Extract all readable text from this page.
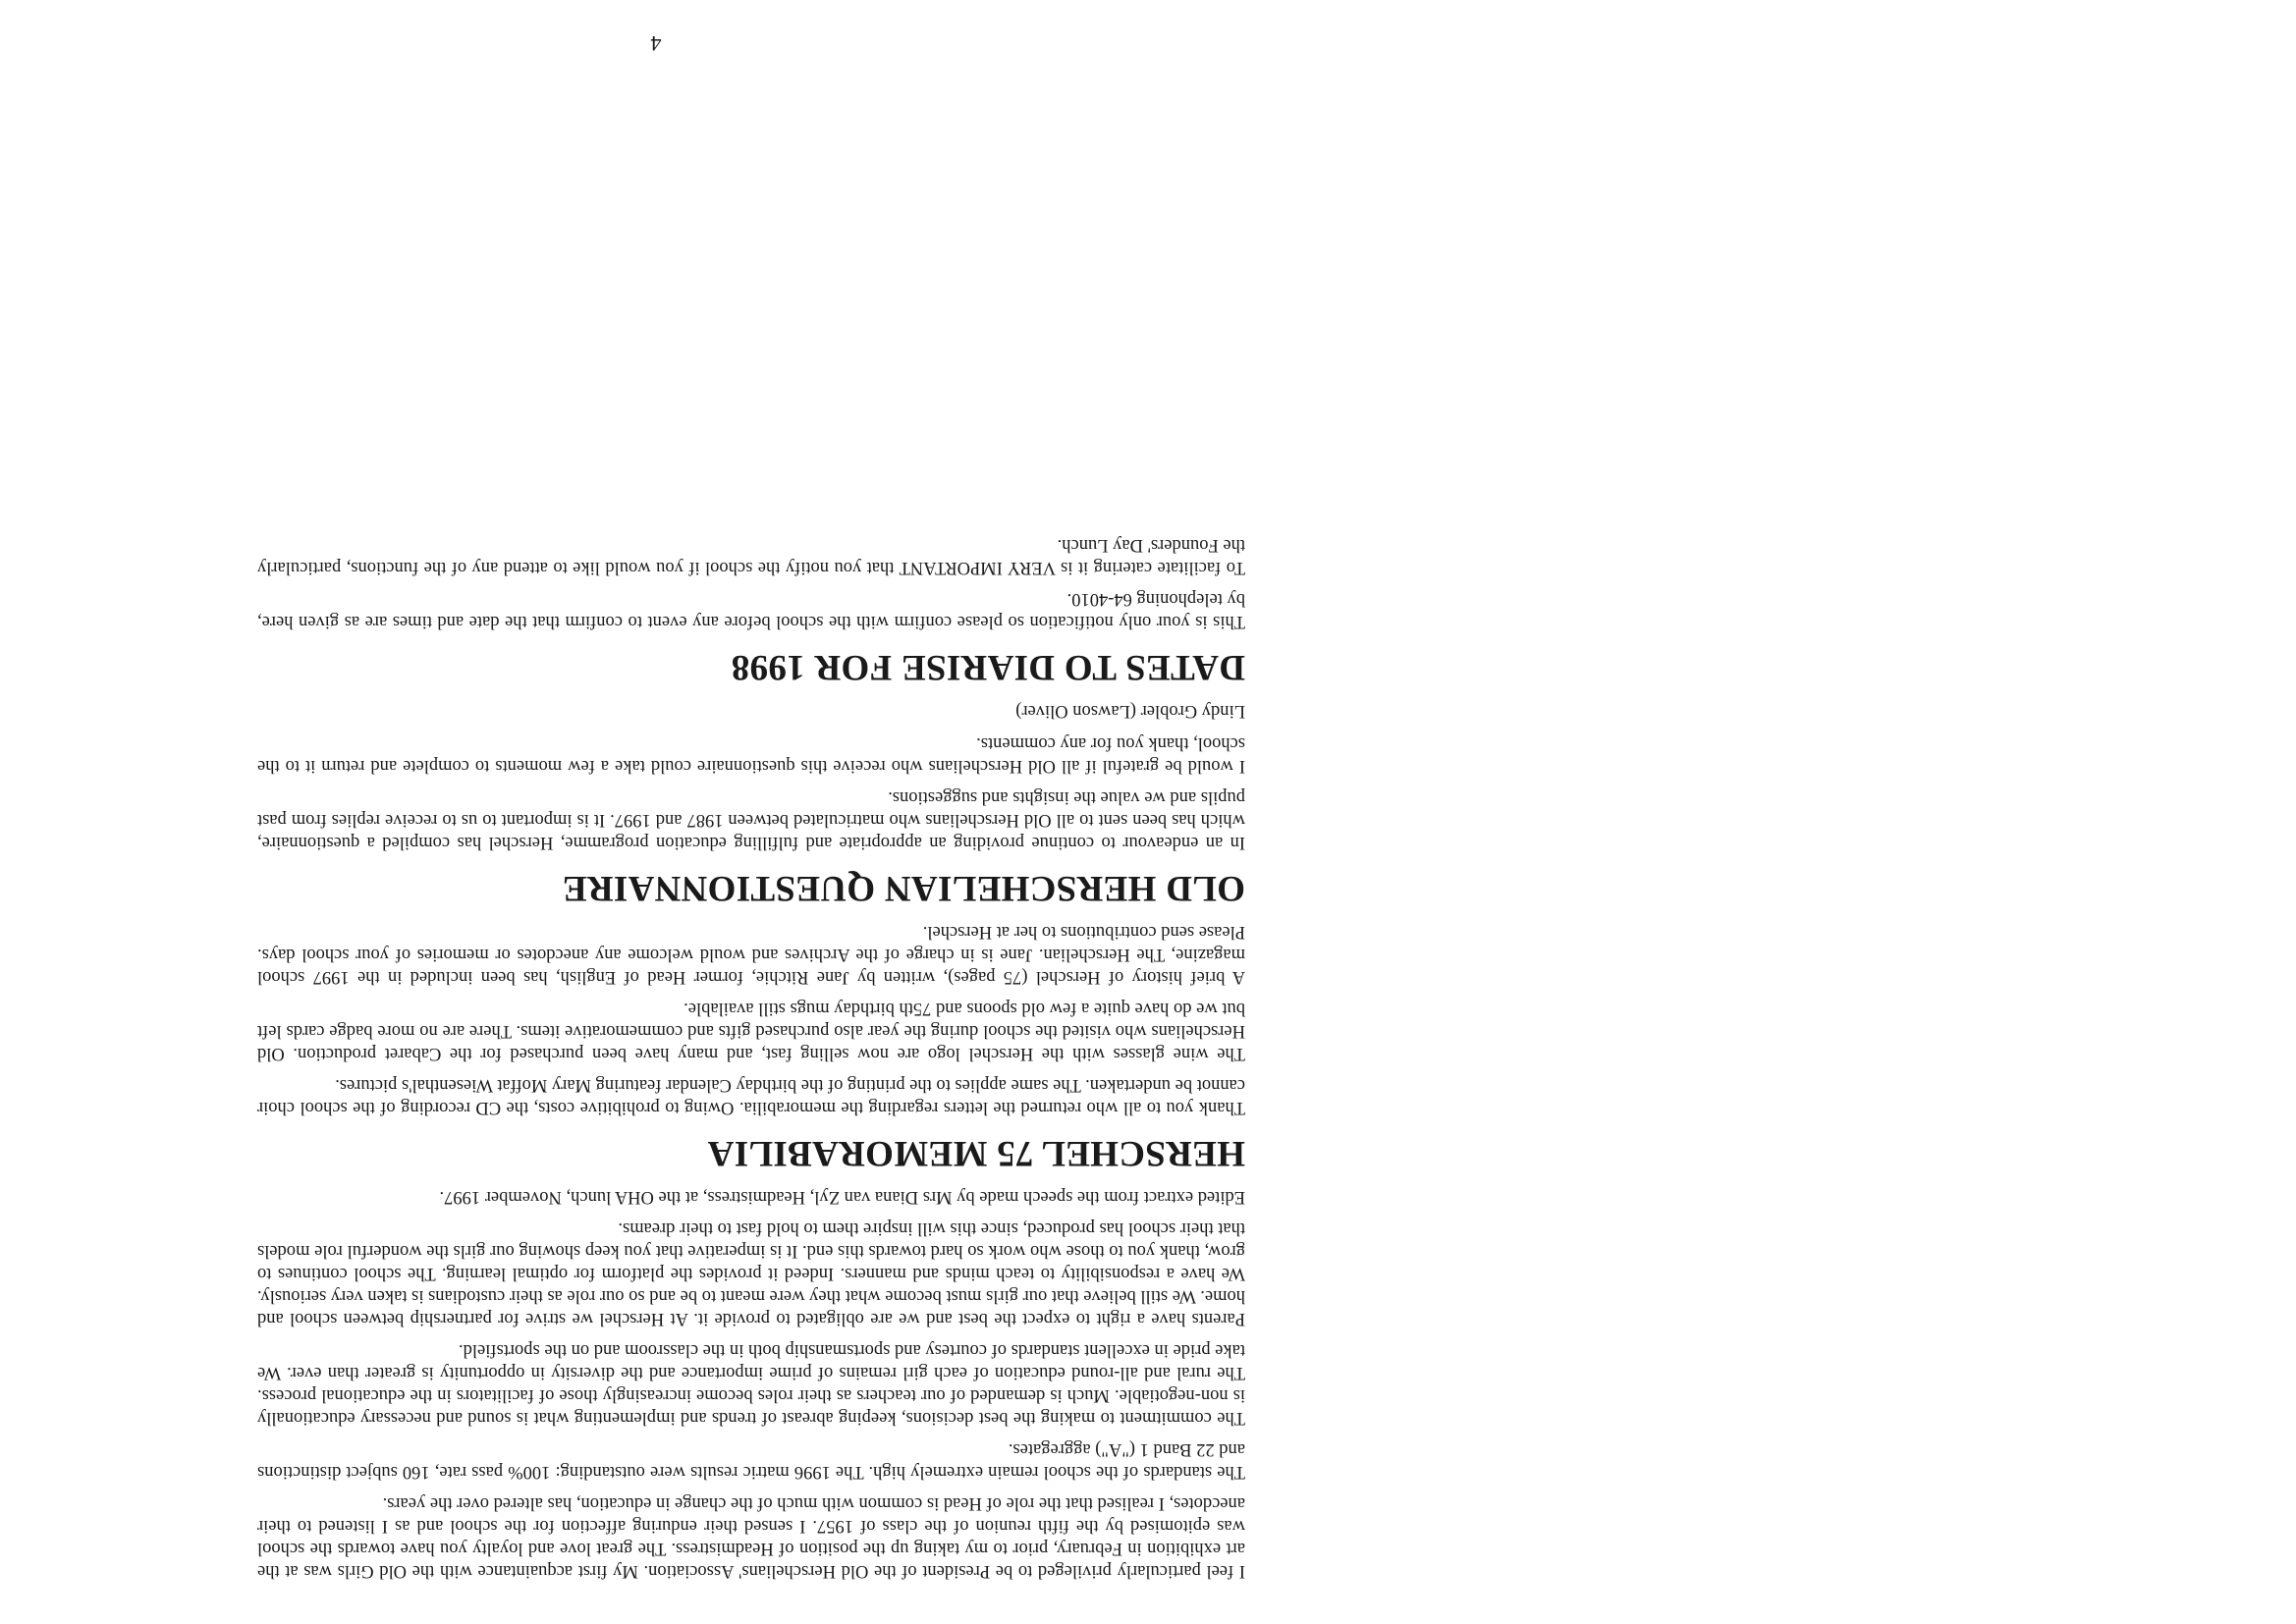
I feel particularly privileged to be President of the Old Herschelians' Association. My first acquaintance with the Old Girls was at the art exhibition in February, prior to my taking up the position of Headmistress. The great love and loyalty you have towards the school was epitomised by the fifth reunion of the class of 1957. I sensed their enduring affection for the school and as I listened to their anecdotes, I realised that the role of Head is common with much of the change in education, has altered over the years.

The standards of the school remain extremely high. The 1996 matric results were outstanding: 100% pass rate, 160 subject distinctions and 22 Band 1 ("A") aggregates.

The commitment to making the best decisions, keeping abreast of trends and implementing what is sound and necessary educationally is non-negotiable. Much is demanded of our teachers as their roles become increasingly those of facilitators in the educational process. The rural and all-round education of each girl remains of prime importance and the diversity in opportunity is greater than ever. We take pride in excellent standards of courtesy and sportsmanship both in the classroom and on the sportsfield.

Parents have a right to expect the best and we are obligated to provide it. At Herschel we strive for partnership between school and home. We still believe that our girls must become what they were meant to be and so our role as their custodians is taken very seriously. We have a responsibility to teach minds and manners. Indeed it provides the platform for optimal learning. The school continues to grow, thank you to those who work so hard towards this end. It is imperative that you keep showing our girls the wonderful role models that their school has produced, since this will inspire them to hold fast to their dreams.

Edited extract from the speech made by Mrs Diana van Zyl, Headmistress, at the OHA lunch, November 1997.

HERSCHEL 75 MEMORABILIA

Thank you to all who returned the letters regarding the memorabilia. Owing to prohibitive costs, the CD recording of the school choir cannot be undertaken. The same applies to the printing of the birthday Calendar featuring Mary Moffat Wiesenthal's pictures.

The wine glasses with the Herschel logo are now selling fast, and many have been purchased for the Cabaret production. Old Herschelians who visited the school during the year also purchased gifts and commemorative items. There are no more badge cards left but we do have quite a few old spoons and 75th birthday mugs still available.

A brief history of Herschel (75 pages), written by Jane Ritchie, former Head of English, has been included in the 1997 school magazine, The Herschelian. Jane is in charge of the Archives and would welcome any anecdotes or memories of your school days. Please send contributions to her at Herschel.

OLD HERSCHELIAN QUESTIONNAIRE

In an endeavour to continue providing an appropriate and fulfilling education programme, Herschel has compiled a questionnaire, which has been sent to all Old Herschelians who matriculated between 1987 and 1997. It is important to us to receive replies from past pupils and we value the insights and suggestions.

I would be grateful if all Old Herschelians who receive this questionnaire could take a few moments to complete and return it to the school, thank you for any comments.

Lindy Grobler (Lawson Oliver)

DATES TO DIARISE FOR 1998

This is your only notification so please confirm with the school before any event to confirm that the date and times are as given here, by telephoning 64-4010.

To facilitate catering it is VERY IMPORTANT that you notify the school if you would like to attend any of the functions, particularly the Founders' Day Lunch.

4
